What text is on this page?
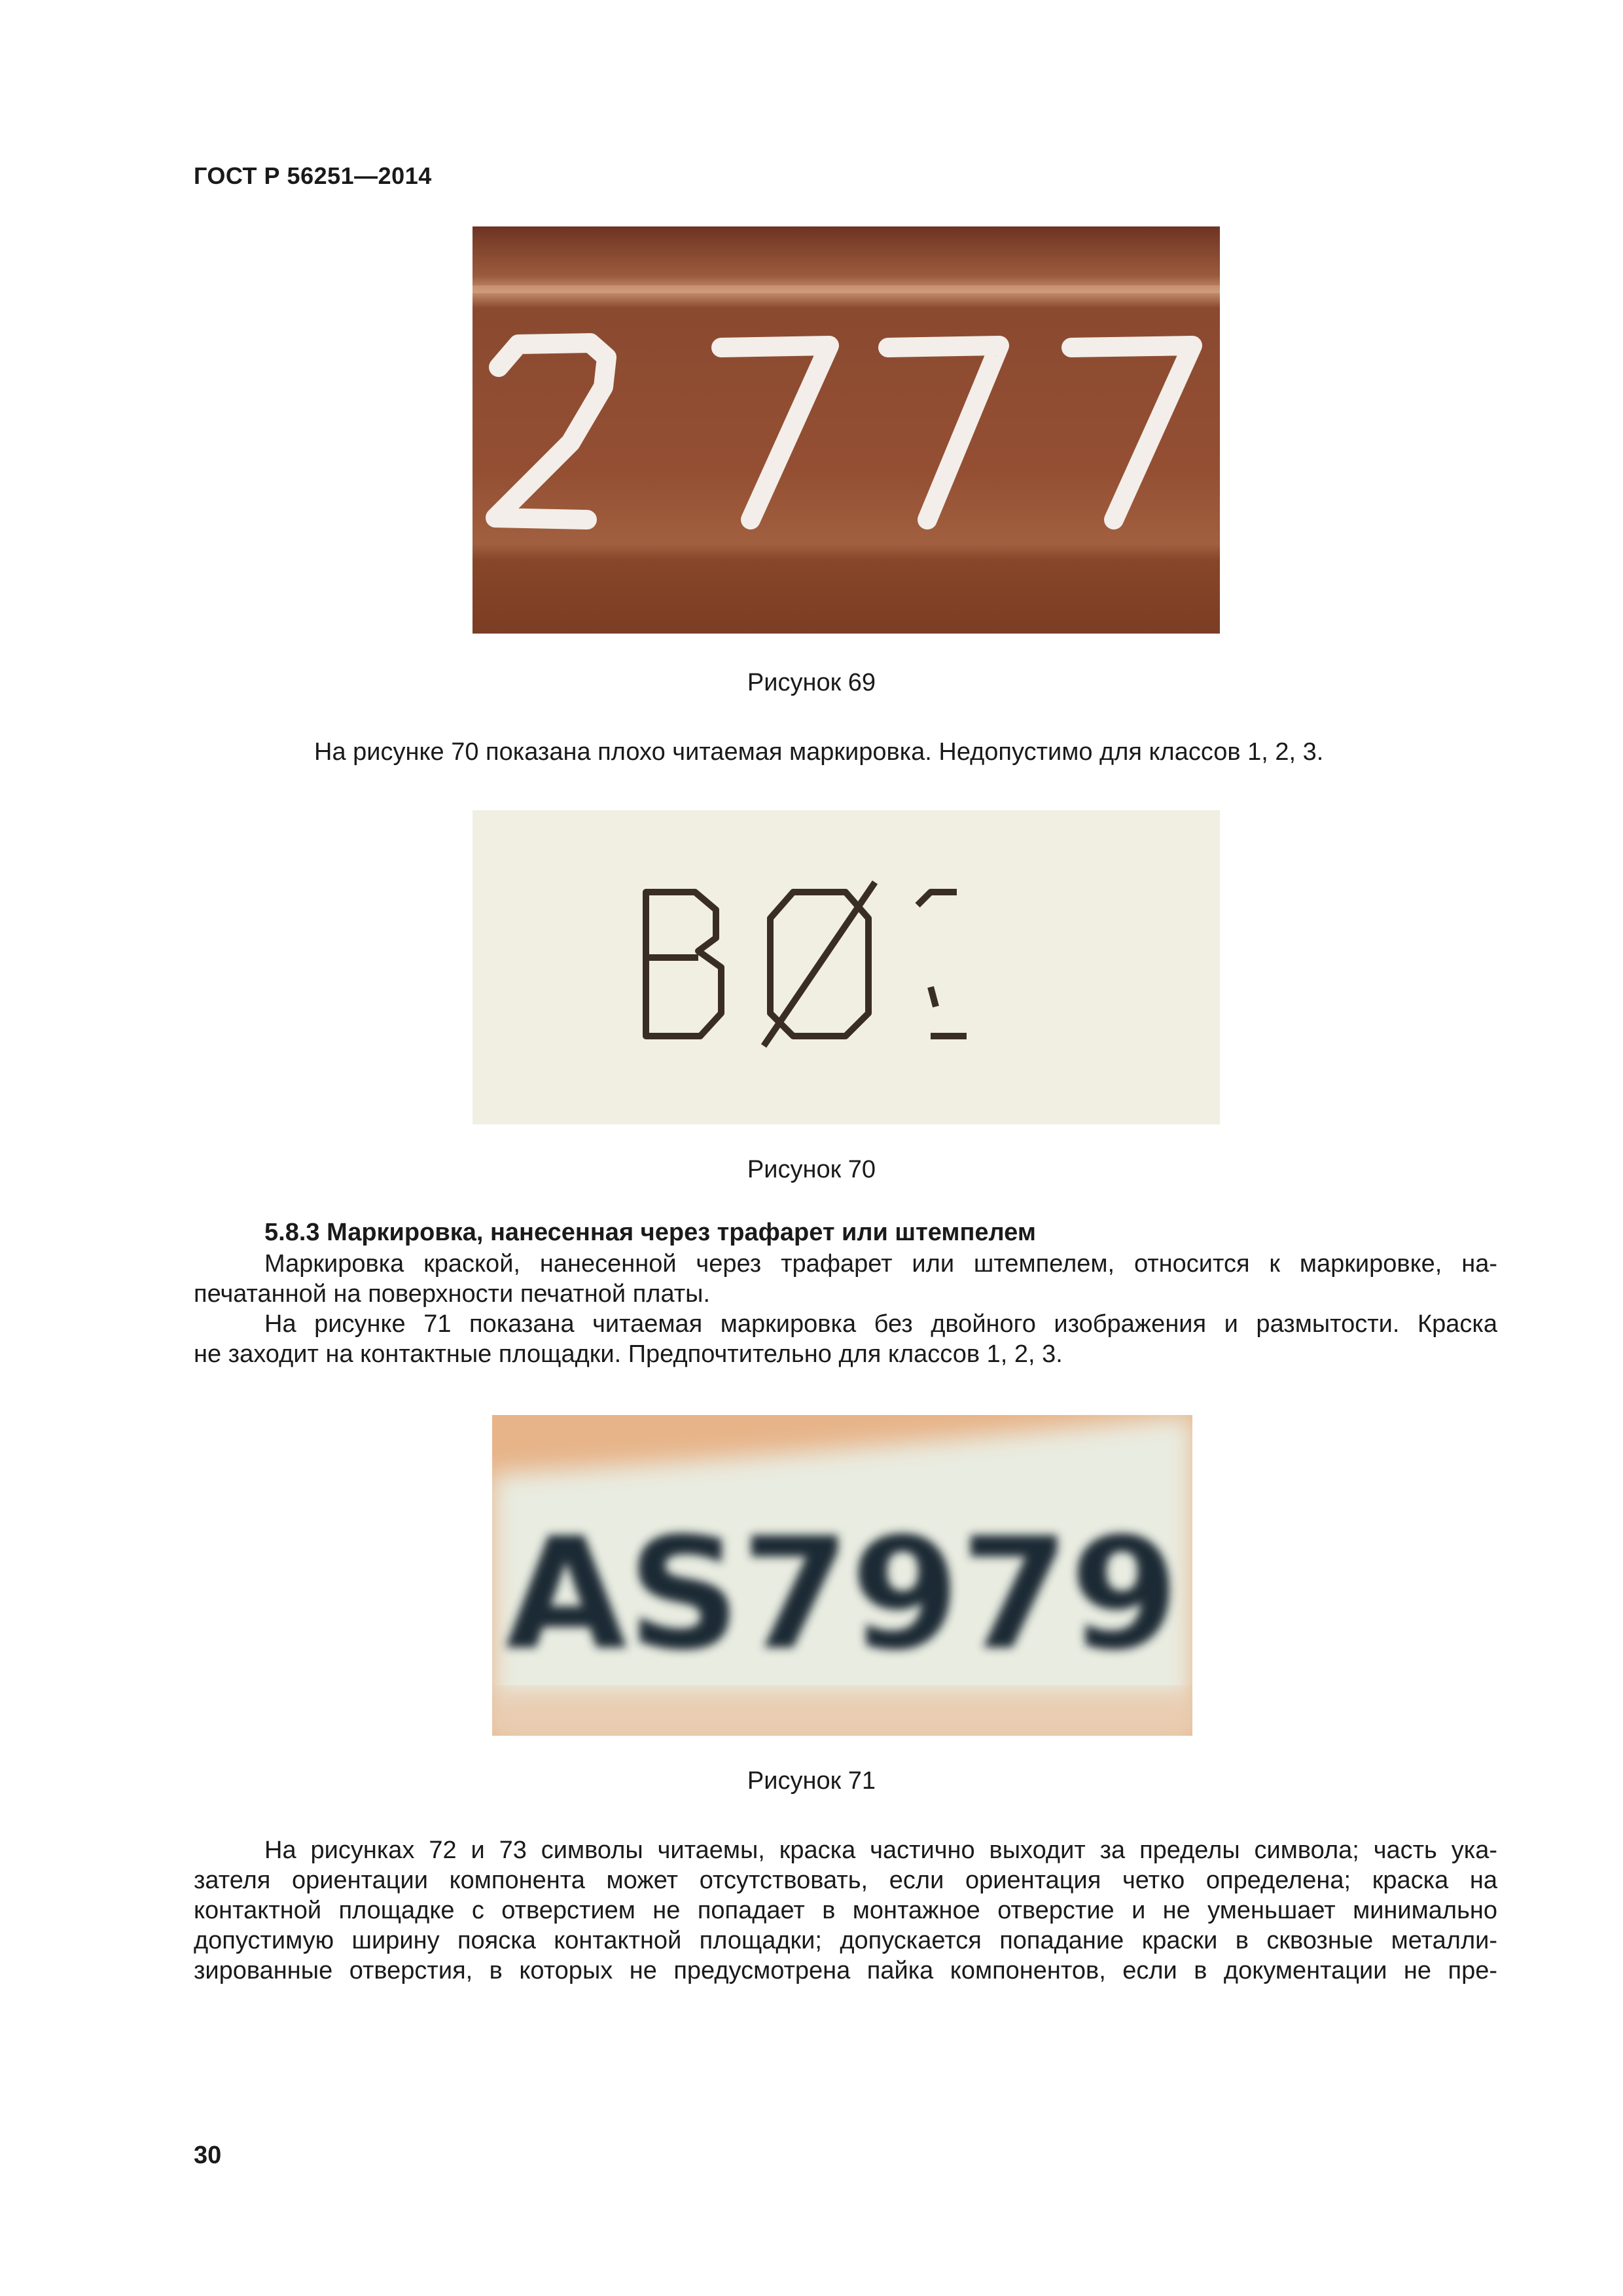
ГОСТ Р 56251—2014
Рисунок 69
На рисунке 70 показана плохо читаемая маркировка. Недопустимо для классов 1, 2, 3.
Рисунок 70
5.8.3 Маркировка, нанесенная через трафарет или штемпелем
Маркировка краской, нанесенной через трафарет или штемпелем, относится к маркировке, на-
печатанной на поверхности печатной платы.
На рисунке 71 показана читаемая маркировка без двойного изображения и размытости. Краска
не заходит на контактные площадки. Предпочтительно для классов 1, 2, 3.
AS7979
Рисунок 71
На рисунках 72 и 73 символы читаемы, краска частично выходит за пределы символа; часть ука-
зателя ориентации компонента может отсутствовать, если ориентация четко определена; краска на
контактной площадке с отверстием не попадает в монтажное отверстие и не уменьшает минимально
допустимую ширину пояска контактной площадки; допускается попадание краски в сквозные металли-
зированные отверстия, в которых не предусмотрена пайка компонентов, если в документации не пре-
30
